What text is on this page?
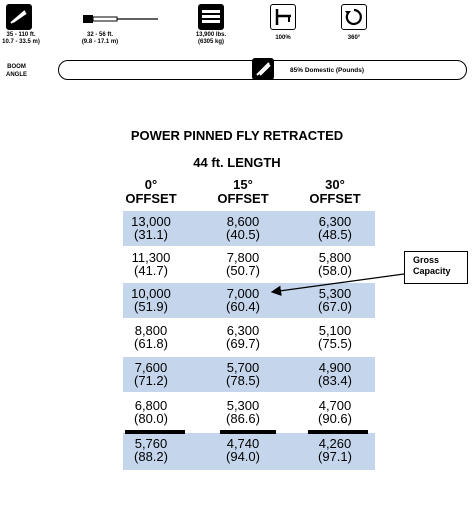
35 - 110 ft.
10.7 - 33.5 m)
32 - 56 ft.
(9.8 - 17.1 m)
13,900 lbs.
(6305 kg)
100%	360°
BOOM
ANGLE
85% Domestic (Pounds)
POWER PINNED FLY RETRACTED
44 ft. LENGTH
0°
OFFSET
15°
OFFSET
30°
OFFSET
13,000
(31.1)
8,600
(40.5)
6,300
(48.5)
11,300
(41.7)
7,800
(50.7)
5,800
(58.0)
10,000
(51.9)
7,000
(60.4)
5,300
(67.0)
8,800
(61.8)
6,300
(69.7)
5,100
(75.5)
7,600
(71.2)
5,700
(78.5)
4,900
(83.4)
6,800
(80.0)
5,300
(86.6)
4,700
(90.6)
5,760
(88.2)
4,740
(94.0)
4,260
(97.1)
Gross
Capacity
